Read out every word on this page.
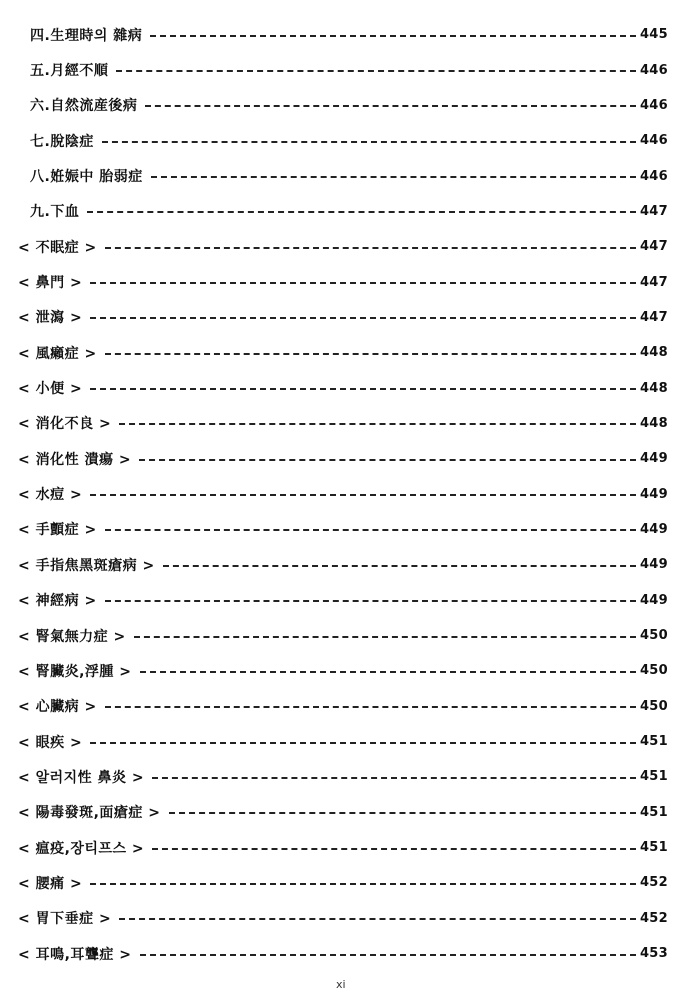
四.生理時의 雜病	445
五.月經不順	446
六.自然流産後病	446
七.脫陰症	446
八.姙娠中 胎弱症	446
九.下血	447
< 不眠症 >	447
< 鼻門 >	447
< 泄瀉 >	447
< 風癩症 >	448
< 小便 >	448
< 消化不良 >	448
< 消化性 潰瘍 >	449
< 水痘 >	449
< 手顫症 >	449
< 手指焦黑斑瘡病 >	449
< 神經病 >	449
< 腎氣無力症 >	450
< 腎臟炎,浮腫 >	450
< 心臟病 >	450
< 眼疾 >	451
< 알러지性 鼻炎 >	451
< 陽毒發斑,面瘡症 >	451
< 瘟疫,장티프스 >	451
< 腰痛 >	452
< 胃下垂症 >	452
< 耳鳴,耳聾症 >	453
xi
